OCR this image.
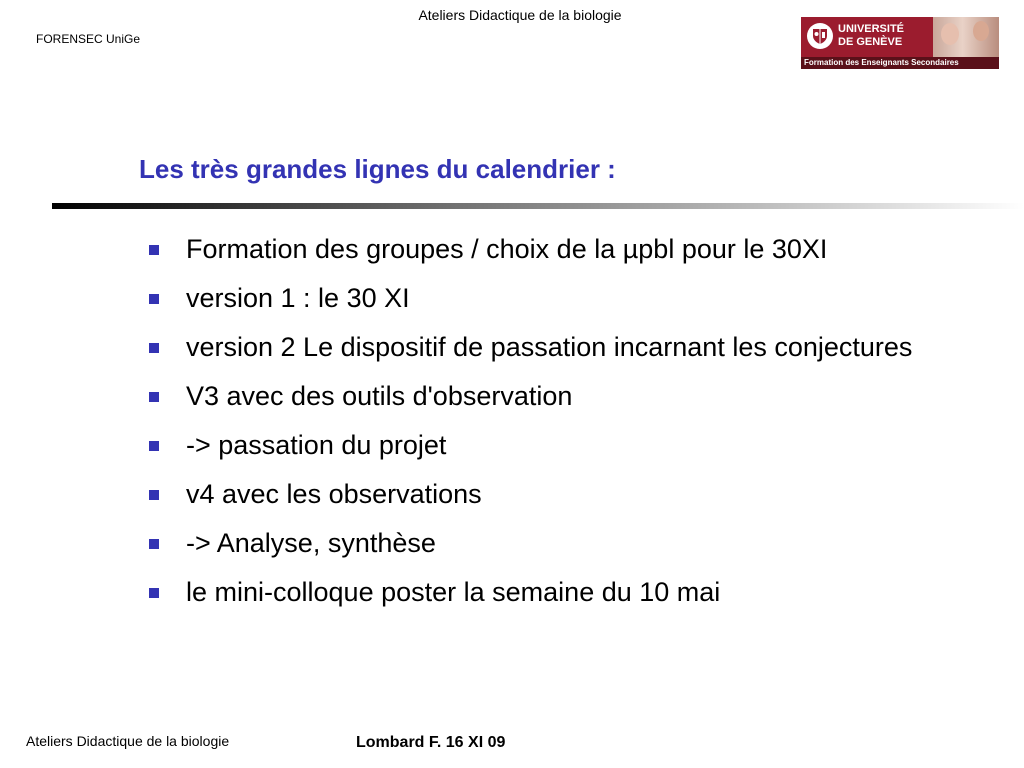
Ateliers Didactique de la biologie
FORENSEC UniGe
UNIVERSITÉ
DE GENÈVE
Formation des Enseignants Secondaires
Les très grandes lignes du calendrier :
Formation des groupes / choix de la µpbl pour le 30XI
version 1 : le 30 XI
version 2 Le dispositif de passation incarnant les conjectures
V3 avec des outils d'observation
-> passation du projet
v4 avec les observations
-> Analyse, synthèse
le mini-colloque poster la semaine du 10 mai
Ateliers Didactique de la biologie	Lombard F. 16 XI 09
